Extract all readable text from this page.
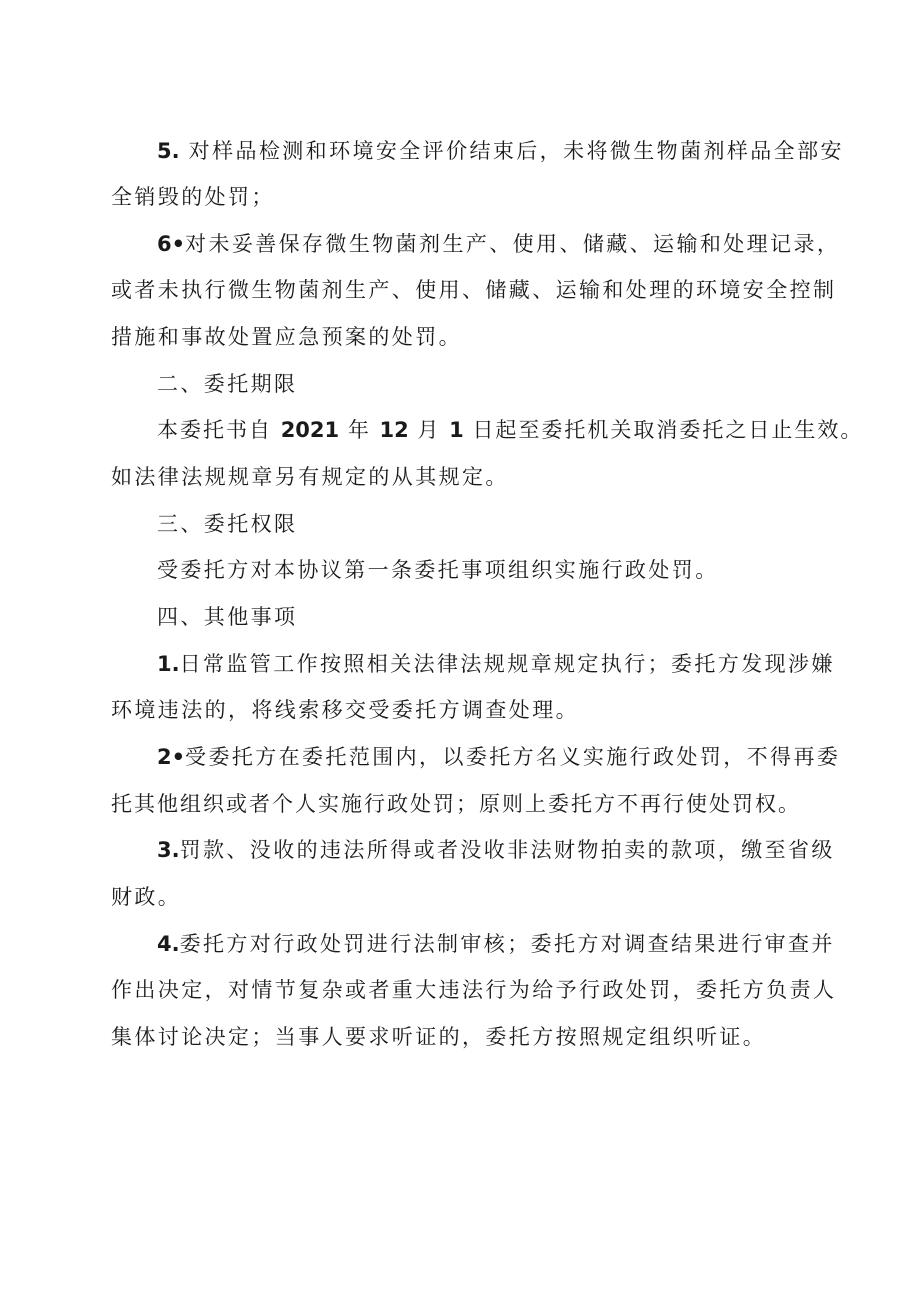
5. 对样品检测和环境安全评价结束后，未将微生物菌剂样品全部安
全销毁的处罚；
6•对未妥善保存微生物菌剂生产、使用、储藏、运输和处理记录，
或者未执行微生物菌剂生产、使用、储藏、运输和处理的环境安全控制
措施和事故处置应急预案的处罚。
二、委托期限
本委托书自 2021 年 12 月 1 日起至委托机关取消委托之日止生效。
如法律法规规章另有规定的从其规定。
三、委托权限
受委托方对本协议第一条委托事项组织实施行政处罚。
四、其他事项
1.日常监管工作按照相关法律法规规章规定执行；委托方发现涉嫌
环境违法的，将线索移交受委托方调查处理。
2•受委托方在委托范围内，以委托方名义实施行政处罚，不得再委
托其他组织或者个人实施行政处罚；原则上委托方不再行使处罚权。
3.罚款、没收的违法所得或者没收非法财物拍卖的款项，缴至省级
财政。
4.委托方对行政处罚进行法制审核；委托方对调查结果进行审查并
作出决定，对情节复杂或者重大违法行为给予行政处罚，委托方负责人
集体讨论决定；当事人要求听证的，委托方按照规定组织听证。
